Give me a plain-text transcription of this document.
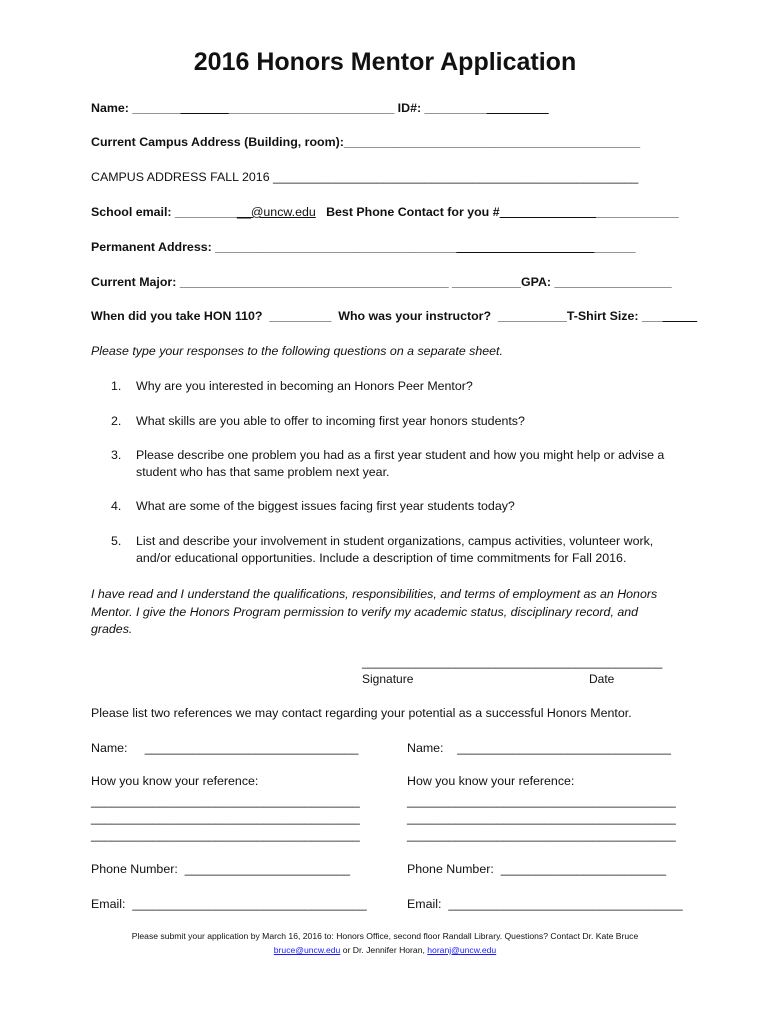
2016 Honors Mentor Application
Name: ______________________________________ ID#: __________________
Current Campus Address (Building, room):___________________________________________
CAMPUS ADDRESS FALL 2016 _____________________________________________________
School email: ___________@uncw.edu Best Phone Contact for you #__________________________
Permanent Address: _____________________________________________________________
Current Major: _______________________________________ __________GPA: _________________
When did you take HON 110? _________ Who was your instructor? __________T-Shirt Size: ________
Please type your responses to the following questions on a separate sheet.
1.	Why are you interested in becoming an Honors Peer Mentor?
2.	What skills are you able to offer to incoming first year honors students?
3.	Please describe one problem you had as a first year student and how you might help or advise a student who has that same problem next year.
4.	What are some of the biggest issues facing first year students today?
5.	List and describe your involvement in student organizations, campus activities, volunteer work, and/or educational opportunities. Include a description of time commitments for Fall 2016.
I have read and I understand the qualifications, responsibilities, and terms of employment as an Honors Mentor. I give the Honors Program permission to verify my academic status, disciplinary record, and grades.
_____________________________________________
Signature	Date
Please list two references we may contact regarding your potential as a successful Honors Mentor.
Name: _______________________________
How you know your reference:
_______________________________________
_______________________________________
_______________________________________
Phone Number: ________________________
Email: __________________________________
Name: _______________________________
How you know your reference:
_______________________________________
_______________________________________
_______________________________________
Phone Number: ________________________
Email: __________________________________
Please submit your application by March 16, 2016 to: Honors Office, second floor Randall Library. Questions? Contact Dr. Kate Bruce
bruce@uncw.edu or Dr. Jennifer Horan, horanj@uncw.edu
